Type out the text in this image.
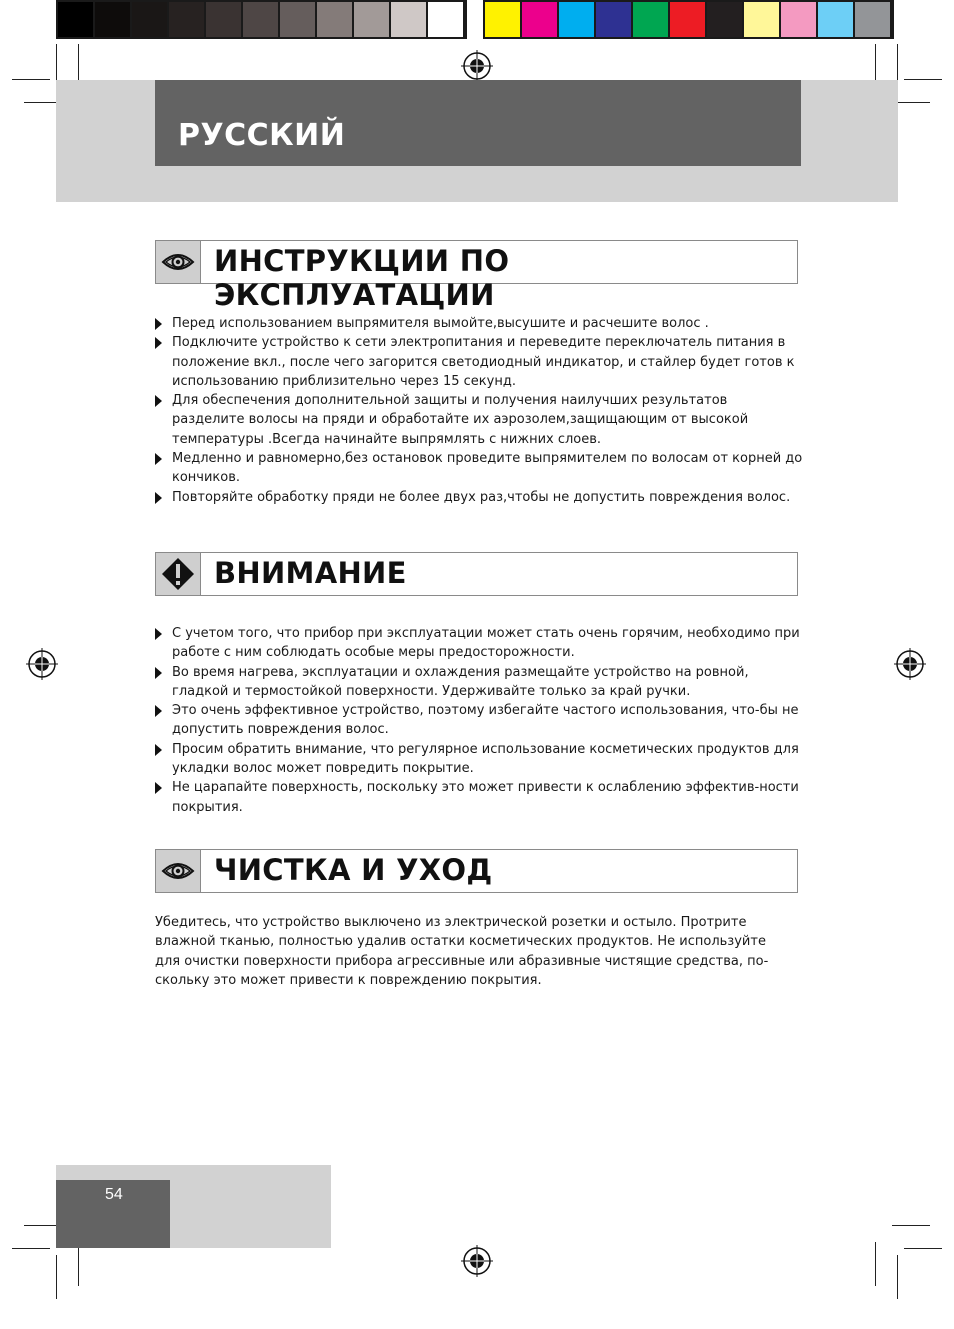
РУССКИЙ
ИНСТРУКЦИИ ПО ЭКСПЛУАТАЦИИ
Перед использованием выпрямителя вымойте,высушите и расчешите волос .
Подключите устройство к сети электропитания и переведите переключатель питания в положение вкл., после чего загорится светодиодный индикатор, и стайлер будет готов к использованию приблизительно через 15 секунд.
Для обеспечения дополнительной защиты и получения наилучших результатов разделите волосы на пряди и обработайте их аэрозолем,защищающим от высокой температуры .Всегда начинайте выпрямлять с нижних слоев.
Медленно и равномерно,без остановок проведите выпрямителем по волосам от корней до кончиков.
Повторяйте обработку пряди не более двух раз,чтобы не допустить повреждения волос.
ВНИМАНИЕ
С учетом того, что прибор при эксплуатации может стать очень горячим, необходимо при работе с ним соблюдать особые меры предосторожности.
Во время нагрева, эксплуатации и охлаждения размещайте устройство на ровной, гладкой и термостойкой поверхности. Удерживайте только за край ручки.
Это очень эффективное устройство, поэтому избегайте частого использования, что-бы не допустить повреждения волос.
Просим обратить внимание, что регулярное использование косметических продуктов для укладки волос может повредить покрытие.
Не царапайте поверхность, поскольку это может привести к ослаблению эффектив-ности покрытия.
ЧИСТКА И УХОД

Убедитесь, что устройство выключено из электрической розетки и остыло. Протрите влажной тканью, полностью удалив остатки косметических продуктов. Не используйте для очистки поверхности прибора агрессивные или абразивные чистящие средства, по-скольку это может привести к повреждению покрытия.

54
